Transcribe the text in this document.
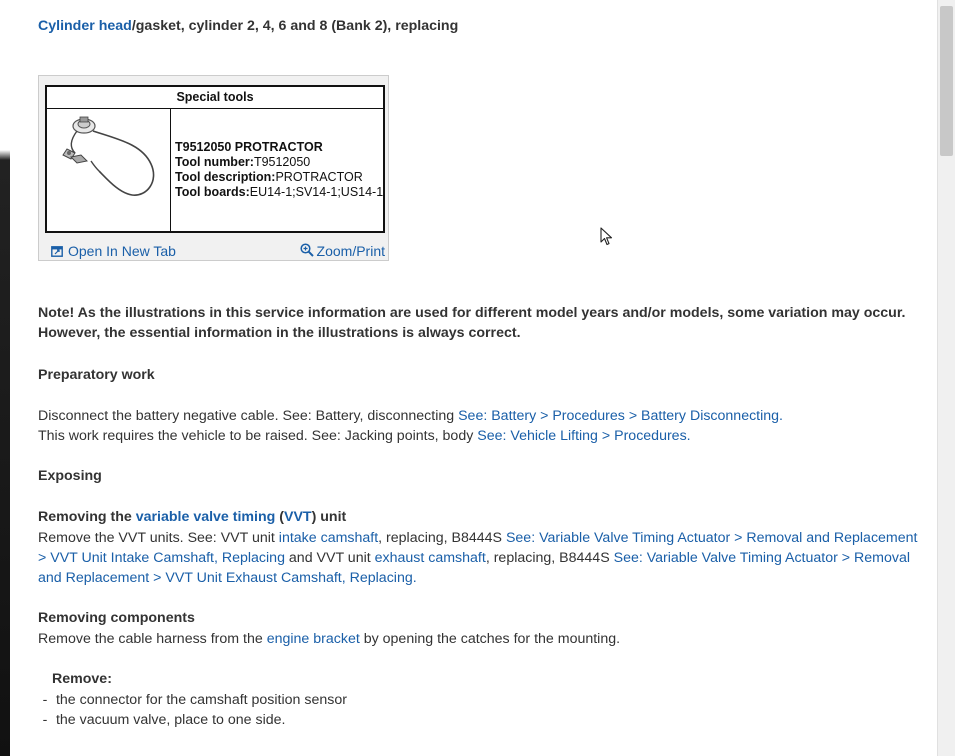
Cylinder head/gasket, cylinder 2, 4, 6 and 8 (Bank 2), replacing
Special tools
T9512050 PROTRACTOR
Tool number:T9512050
Tool description:PROTRACTOR
Tool boards:EU14-1;SV14-1;US14-1
Open In New Tab	Zoom/Print
Note! As the illustrations in this service information are used for different model years and/or models, some variation may occur. However, the essential information in the illustrations is always correct.
Preparatory work
Disconnect the battery negative cable. See: Battery, disconnecting See: Battery > Procedures > Battery Disconnecting.
This work requires the vehicle to be raised. See: Jacking points, body See: Vehicle Lifting > Procedures.
Exposing
Removing the variable valve timing (VVT) unit
Remove the VVT units. See: VVT unit intake camshaft, replacing, B8444S See: Variable Valve Timing Actuator > Removal and Replacement > VVT Unit Intake Camshaft, Replacing and VVT unit exhaust camshaft, replacing, B8444S See: Variable Valve Timing Actuator > Removal and Replacement > VVT Unit Exhaust Camshaft, Replacing.
Removing components
Remove the cable harness from the engine bracket by opening the catches for the mounting.
Remove:
- the connector for the camshaft position sensor
- the vacuum valve, place to one side.
